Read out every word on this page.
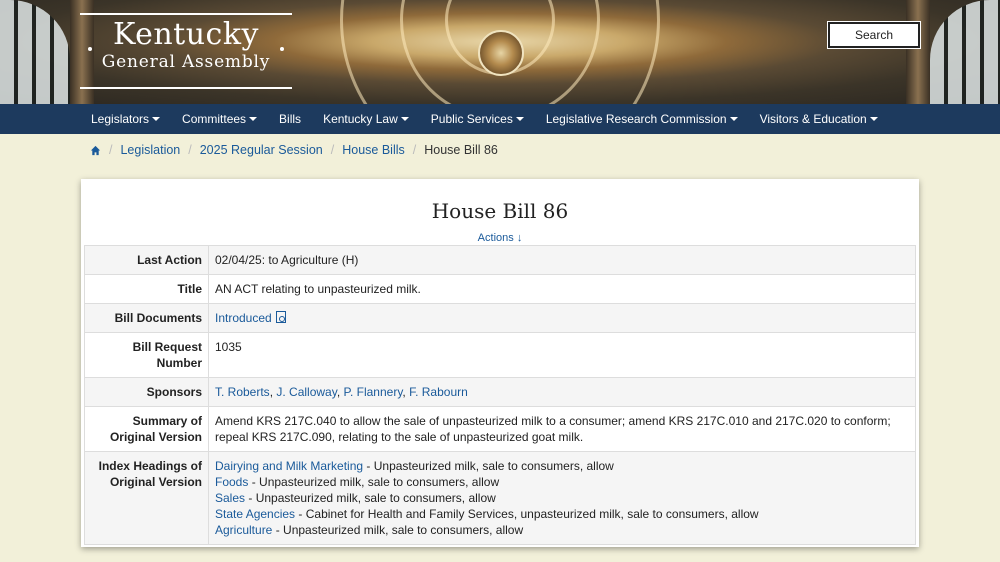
Kentucky
General Assembly
Search
Legislators	Committees	Bills Kentucky Law	Public Services	Legislative Research Commission	Visitors & Education
/ Legislation / 2025 Regular Session / House Bills / House Bill 86
House Bill 86
Actions ↓
Last Action	02/04/25: to Agriculture (H)
Title	AN ACT relating to unpasteurized milk.
Bill Documents	Introduced
Bill Request Number	1035
Sponsors	T. Roberts, J. Calloway, P. Flannery, F. Rabourn
Summary of Original Version	Amend KRS 217C.040 to allow the sale of unpasteurized milk to a consumer; amend KRS 217C.010 and 217C.020 to conform; repeal KRS 217C.090, relating to the sale of unpasteurized goat milk.
Index Headings of Original Version	Dairying and Milk Marketing - Unpasteurized milk, sale to consumers, allow
Foods - Unpasteurized milk, sale to consumers, allow
Sales - Unpasteurized milk, sale to consumers, allow
State Agencies - Cabinet for Health and Family Services, unpasteurized milk, sale to consumers, allow
Agriculture - Unpasteurized milk, sale to consumers, allow
